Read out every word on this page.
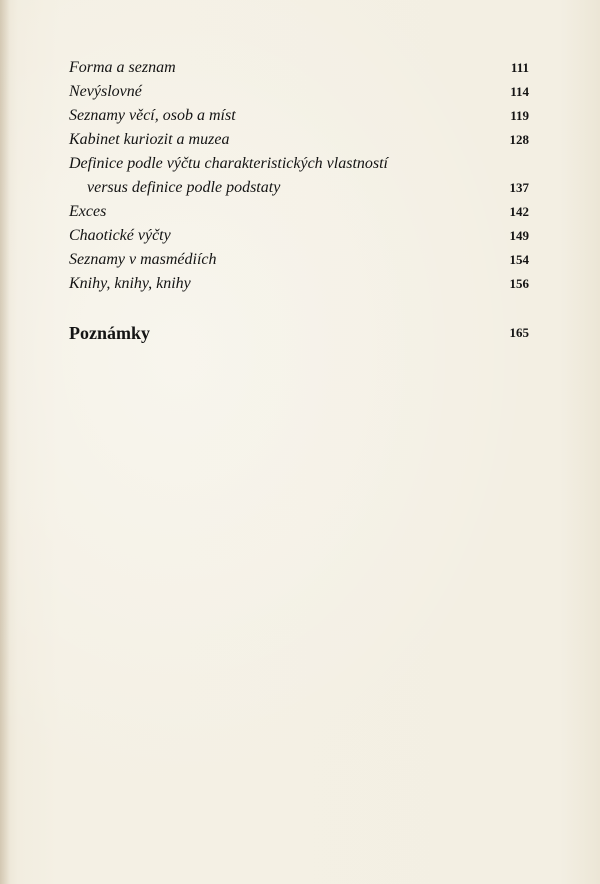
Forma a seznam	111
Nevýslovné	114
Seznamy věcí, osob a míst	119
Kabinet kuriozit a muzea	128
Definice podle výčtu charakteristických vlastností
versus definice podle podstaty	137
Exces	142
Chaotické výčty	149
Seznamy v masmédiích	154
Knihy, knihy, knihy	156
Poznámky	165
